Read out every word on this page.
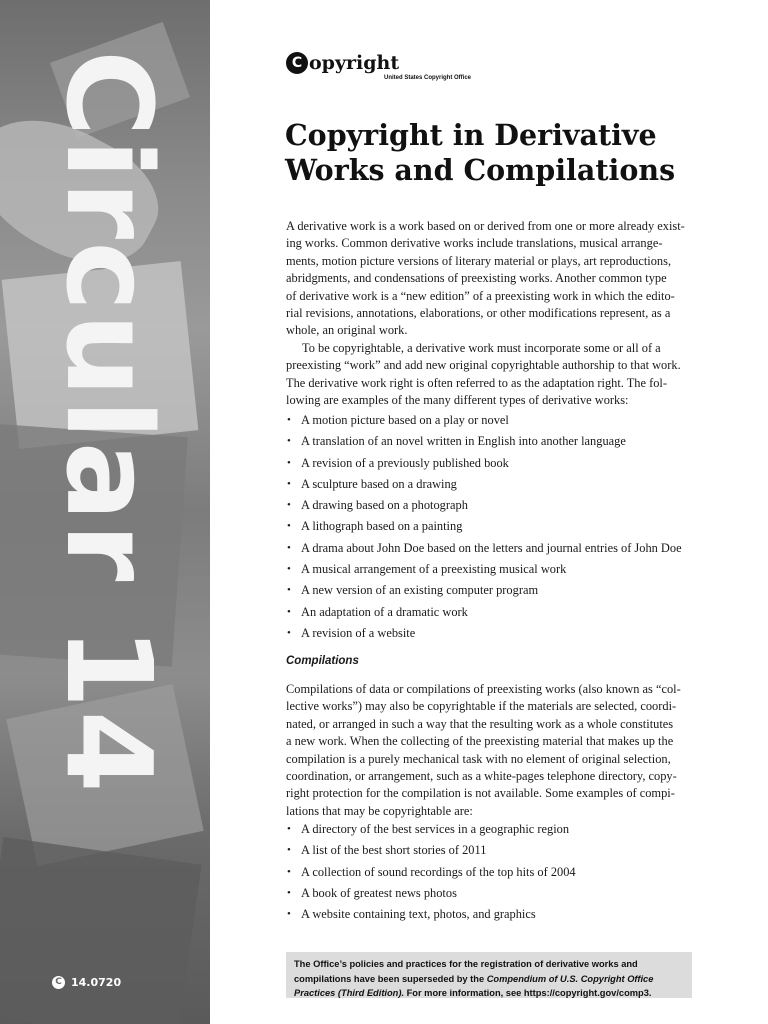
Circular 14
C 14.0720
C opyright
United States Copyright Office
Copyright in Derivative
Works and Compilations
A derivative work is a work based on or derived from one or more already exist-
ing works. Common derivative works include translations, musical arrange-
ments, motion picture versions of literary material or plays, art reproductions,
abridgments, and condensations of preexisting works. Another common type
of derivative work is a “new edition” of a preexisting work in which the edito-
rial revisions, annotations, elaborations, or other modifications represent, as a
whole, an original work.
To be copyrightable, a derivative work must incorporate some or all of a
preexisting “work” and add new original copyrightable authorship to that work.
The derivative work right is often referred to as the adaptation right. The fol-
lowing are examples of the many different types of derivative works:
• A motion picture based on a play or novel
• A translation of an novel written in English into another language
• A revision of a previously published book
• A sculpture based on a drawing
• A drawing based on a photograph
• A lithograph based on a painting
• A drama about John Doe based on the letters and journal entries of John Doe
• A musical arrangement of a preexisting musical work
• A new version of an existing computer program
• An adaptation of a dramatic work
• A revision of a website
Compilations
Compilations of data or compilations of preexisting works (also known as “col-
lective works”) may also be copyrightable if the materials are selected, coordi-
nated, or arranged in such a way that the resulting work as a whole constitutes
a new work. When the collecting of the preexisting material that makes up the
compilation is a purely mechanical task with no element of original selection,
coordination, or arrangement, such as a white-pages telephone directory, copy-
right protection for the compilation is not available. Some examples of compi-
lations that may be copyrightable are:
• A directory of the best services in a geographic region
• A list of the best short stories of 2011
• A collection of sound recordings of the top hits of 2004
• A book of greatest news photos
• A website containing text, photos, and graphics
The Office’s policies and practices for the registration of derivative works and
compilations have been superseded by the Compendium of U.S. Copyright Office
Practices (Third Edition). For more information, see https://copyright.gov/comp3.
